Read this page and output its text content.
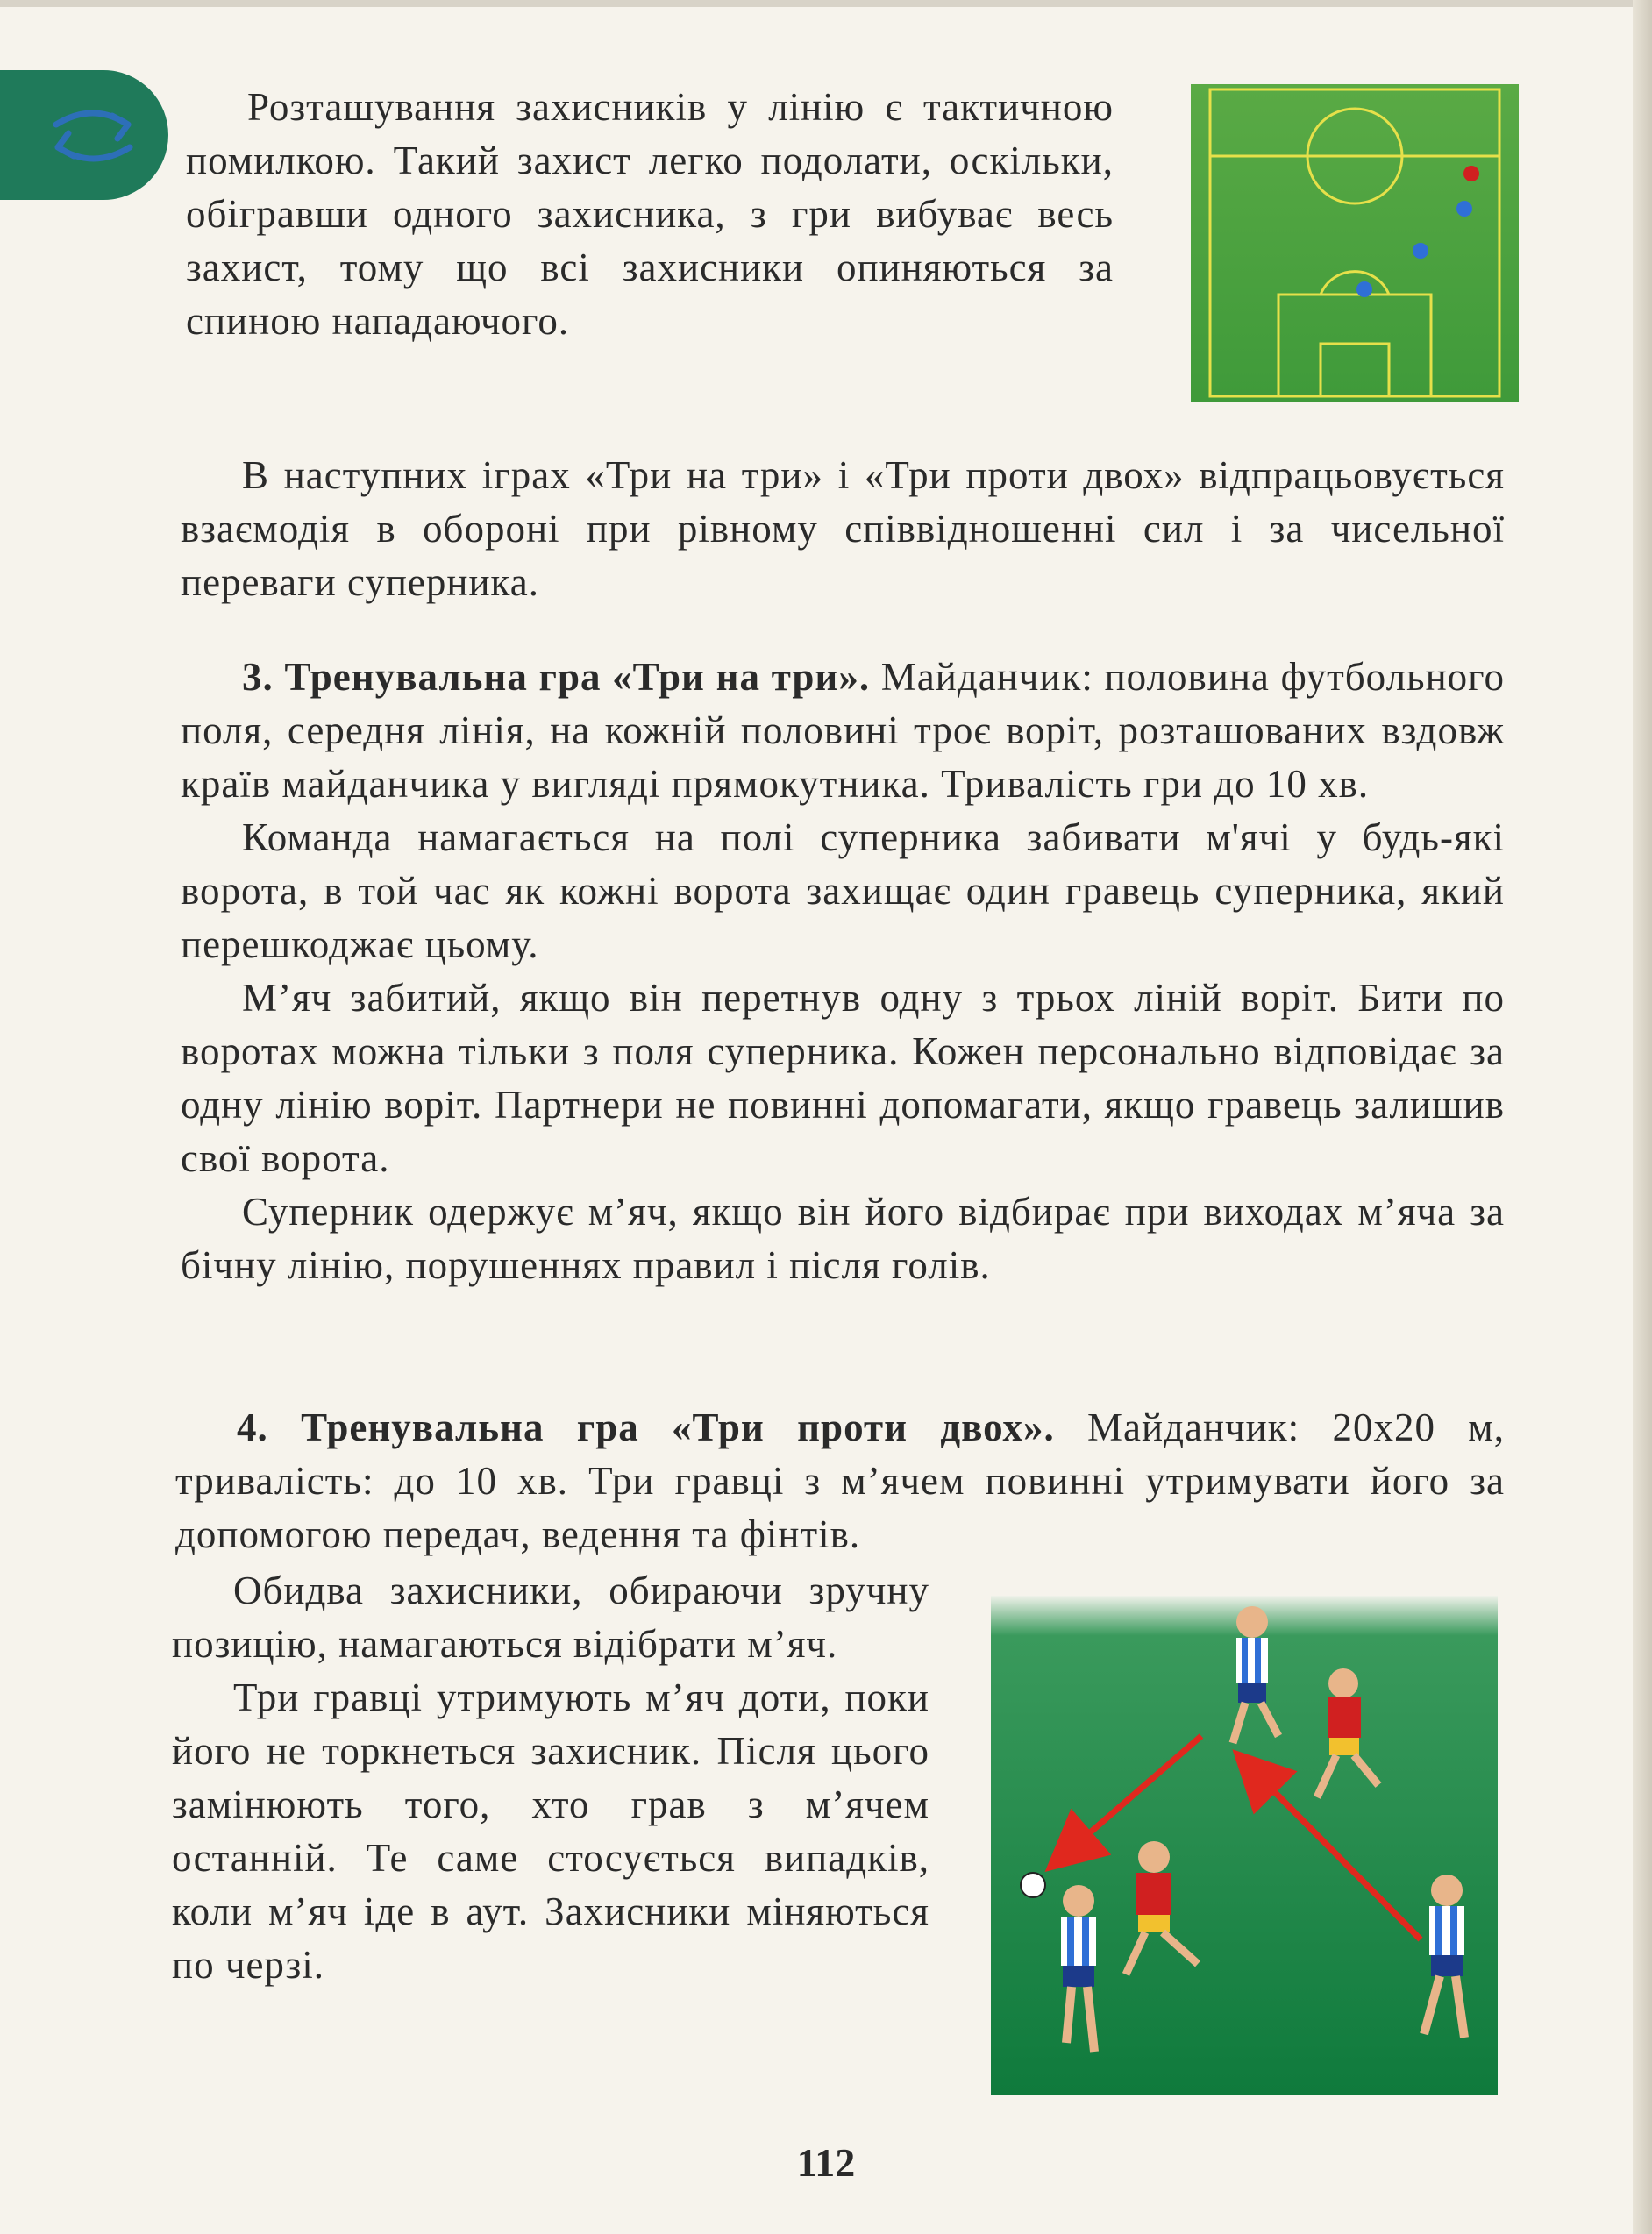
Розташування захисників у лінію є тактичною помилкою. Такий захист легко подолати, оскільки, обігравши одного захисника, з гри вибуває весь захист, тому що всі захисники опиняються за спиною нападаючого.

В наступних іграх «Три на три» і «Три проти двох» відпрацьовується взаємодія в обороні при рівному співвідношенні сил і за чисельної переваги суперника.

3. Тренувальна гра «Три на три». Майданчик: половина футбольного поля, середня лінія, на кожній половині троє воріт, розташованих вздовж країв майданчика у вигляді прямокутника. Тривалість гри до 10 хв.

Команда намагається на полі суперника забивати м'ячі у будь-які ворота, в той час як кожні ворота захищає один гравець суперника, який перешкоджає цьому.

М’яч забитий, якщо він перетнув одну з трьох ліній воріт. Бити по воротах можна тільки з поля суперника. Кожен персонально відповідає за одну лінію воріт. Партнери не повинні допомагати, якщо гравець залишив свої ворота.

Суперник одержує м’яч, якщо він його відбирає при виходах м’яча за бічну лінію, порушеннях правил і після голів.

4. Тренувальна гра «Три проти двох». Майданчик: 20x20 м, тривалість: до 10 хв. Три гравці з м’ячем повинні утримувати його за допомогою передач, ведення та фінтів.

Обидва захисники, обираючи зручну позицію, намагаються відібрати м’яч.

Три гравці утримують м’яч доти, поки його не торкнеться захисник. Після цього замінюють того, хто грав з м’ячем останній. Те саме стосується випадків, коли м’яч іде в аут. Захисники міняються по черзі.

112
